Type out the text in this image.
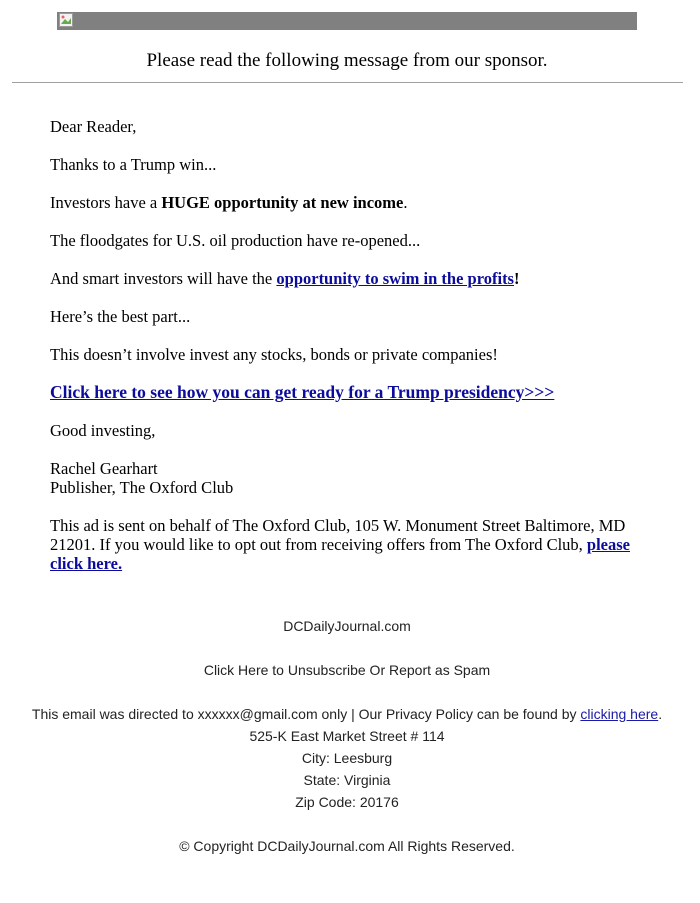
Please read the following message from our sponsor.
Dear Reader,
Thanks to a Trump win...
Investors have a HUGE opportunity at new income.
The floodgates for U.S. oil production have re-opened...
And smart investors will have the opportunity to swim in the profits!
Here’s the best part...
This doesn’t involve invest any stocks, bonds or private companies!
Click here to see how you can get ready for a Trump presidency>>>
Good investing,
Rachel Gearhart
Publisher, The Oxford Club
This ad is sent on behalf of The Oxford Club, 105 W. Monument Street Baltimore, MD 21201. If you would like to opt out from receiving offers from The Oxford Club, please click here.
DCDailyJournal.com
Click Here to Unsubscribe Or Report as Spam
This email was directed to xxxxxx@gmail.com only | Our Privacy Policy can be found by clicking here.
525-K East Market Street # 114
City: Leesburg
State: Virginia
Zip Code: 20176
© Copyright DCDailyJournal.com All Rights Reserved.
